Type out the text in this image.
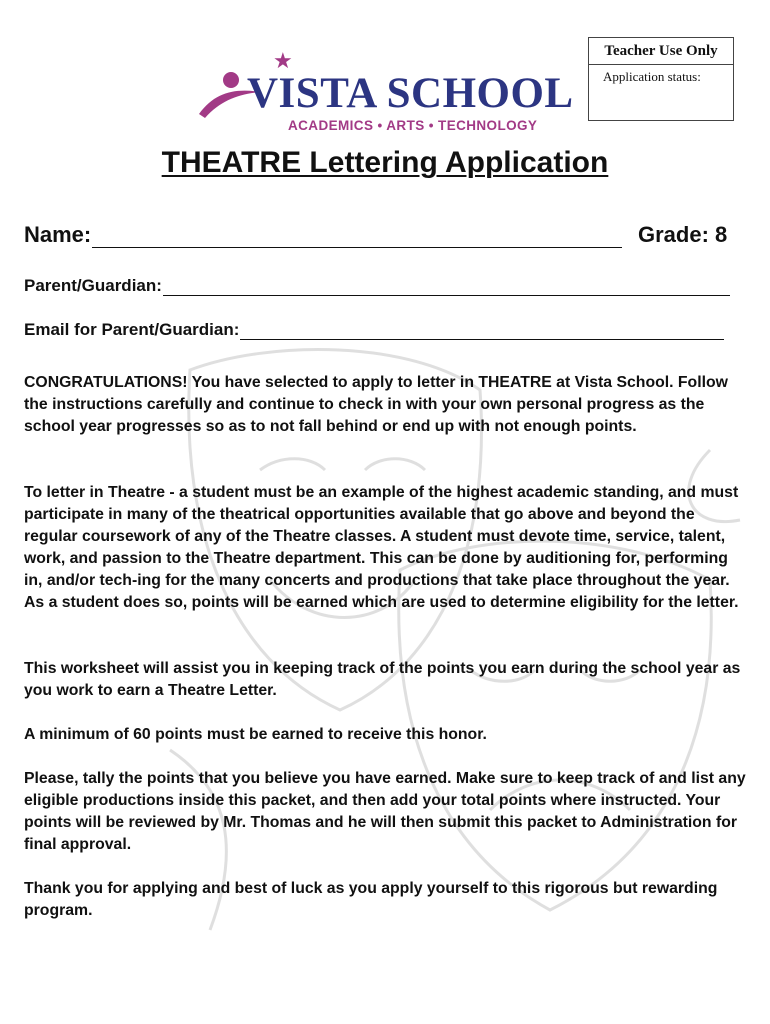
★
VISTA SCHOOL
ACADEMICS • ARTS • TECHNOLOGY
Teacher Use Only
Application status:
THEATRE Lettering Application
Name:	Grade: 8
Parent/Guardian:
Email for Parent/Guardian:

CONGRATULATIONS! You have selected to apply to letter in THEATRE at Vista School. Follow the instructions carefully and continue to check in with your own personal progress as the school year progresses so as to not fall behind or end up with not enough points.

To letter in Theatre - a student must be an example of the highest academic standing, and must participate in many of the theatrical opportunities available that go above and beyond the regular coursework of any of the Theatre classes. A student must devote time, service, talent, work, and passion to the Theatre department. This can be done by auditioning for, performing in, and/or tech-ing for the many concerts and productions that take place throughout the year. As a student does so, points will be earned which are used to determine eligibility for the letter.

This worksheet will assist you in keeping track of the points you earn during the school year as you work to earn a Theatre Letter.

A minimum of 60 points must be earned to receive this honor.

Please, tally the points that you believe you have earned. Make sure to keep track of and list any eligible productions inside this packet, and then add your total points where instructed. Your points will be reviewed by Mr. Thomas and he will then submit this packet to Administration for final approval.

Thank you for applying and best of luck as you apply yourself to this rigorous but rewarding program.
